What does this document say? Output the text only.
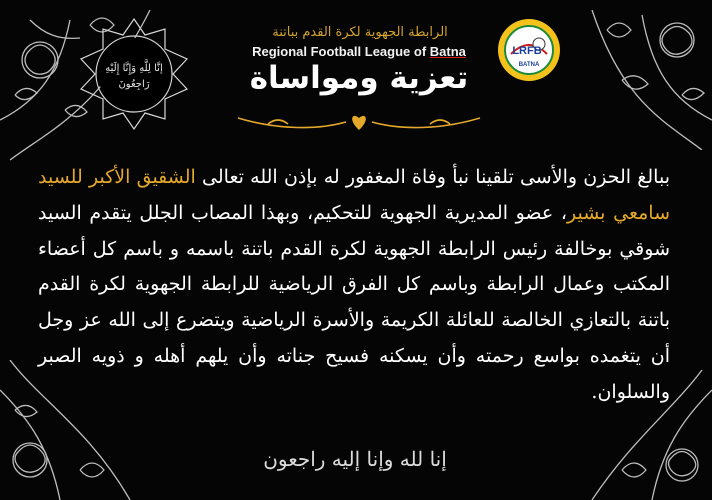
إنَّا لِلَّهِ وَإِنَّا إِلَيْهِ
رَاجِعُونَ
LRFB
BATNA
الرابطة الجهوية لكرة القدم بباتنة
Regional Football League of Batna
تعزية ومواساة
ببالغ الحزن والأسى تلقينا نبأ وفاة المغفور له بإذن الله تعالى الشقيق الأكبر للسيد سامعي بشير، عضو المديرية الجهوية للتحكيم، وبهذا المصاب الجلل يتقدم السيد شوقي بوخالفة رئيس الرابطة الجهوية لكرة القدم باتنة باسمه و باسم كل أعضاء المكتب وعمال الرابطة وباسم كل الفرق الرياضية للرابطة الجهوية لكرة القدم باتنة بالتعازي الخالصة للعائلة الكريمة والأسرة الرياضية ويتضرع إلى الله عز وجل أن يتغمده بواسع رحمته وأن يسكنه فسيح جناته وأن يلهم أهله و ذويه الصبر والسلوان.
إنا لله وإنا إليه راجعون
